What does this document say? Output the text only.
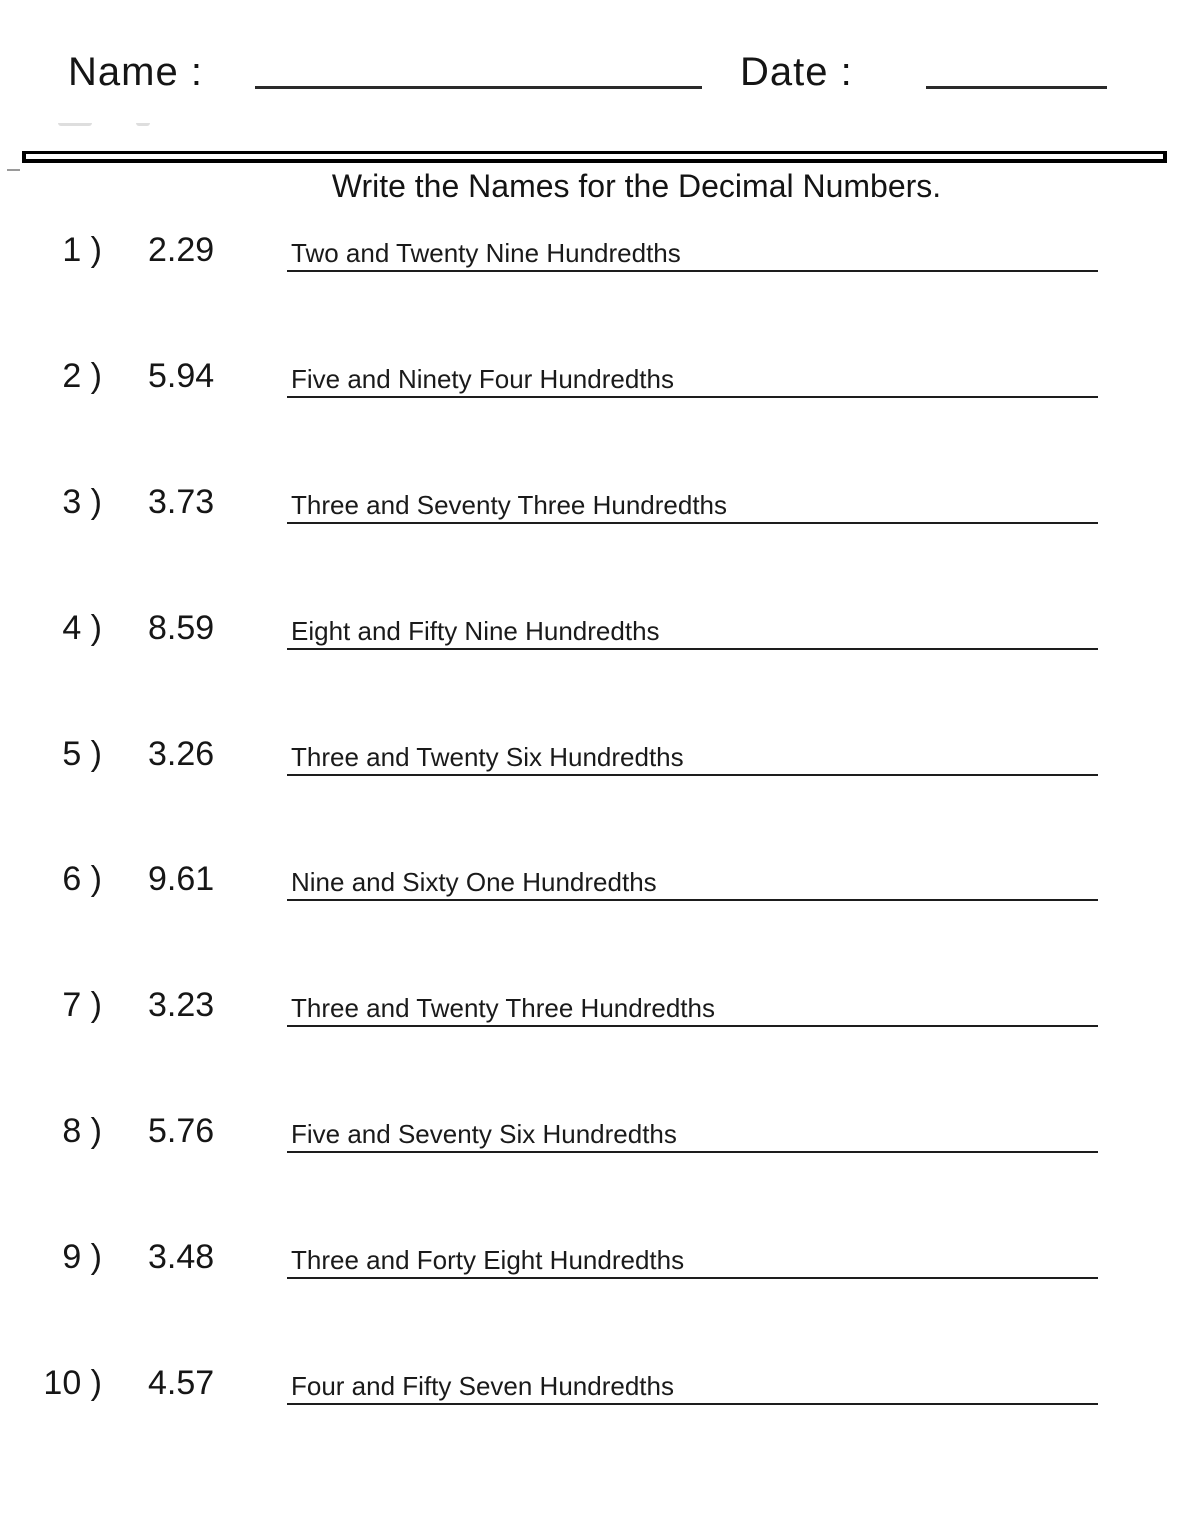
Name :	Date :
Write the Names for the Decimal Numbers.
1 ) 2.29	Two and Twenty Nine Hundredths
2 ) 5.94	Five and Ninety Four Hundredths
3 ) 3.73	Three and Seventy Three Hundredths
4 ) 8.59	Eight and Fifty Nine Hundredths
5 ) 3.26	Three and Twenty Six Hundredths
6 ) 9.61	Nine and Sixty One Hundredths
7 ) 3.23	Three and Twenty Three Hundredths
8 ) 5.76	Five and Seventy Six Hundredths
9 ) 3.48	Three and Forty Eight Hundredths
10 ) 4.57	Four and Fifty Seven Hundredths
